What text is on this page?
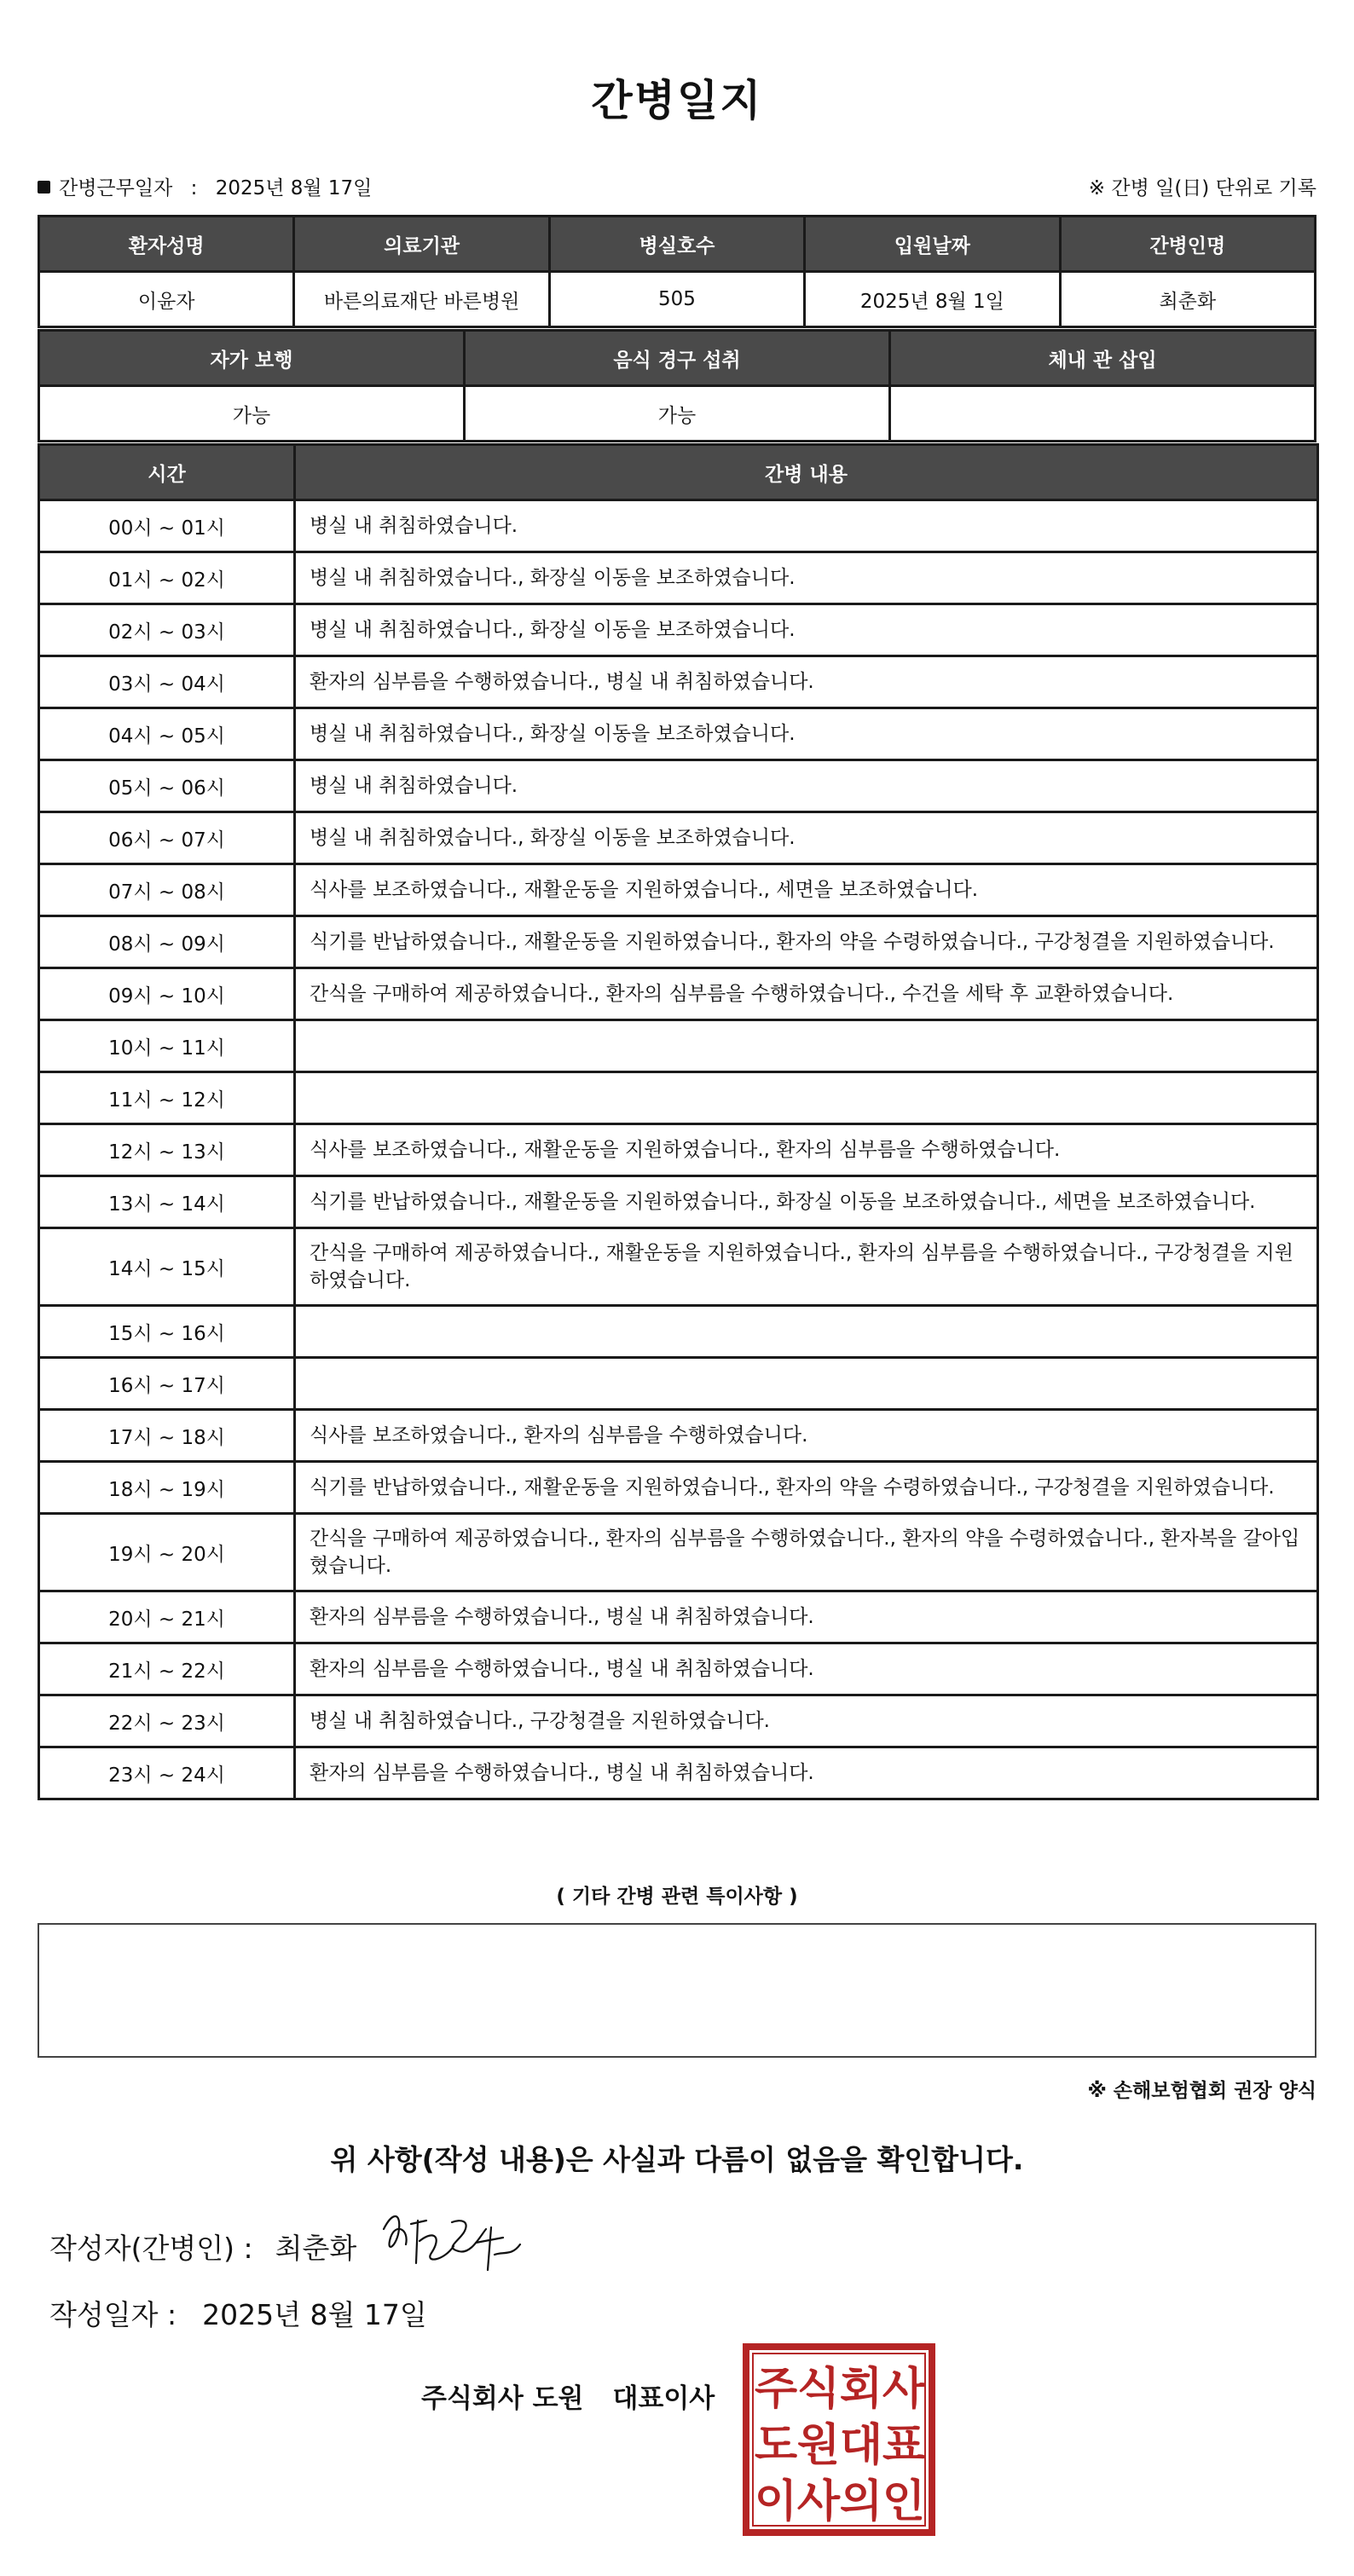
간병일지
간병근무일자 : 2025년 8월 17일	※ 간병 일(日) 단위로 기록
환자성명	의료기관	병실호수	입원날짜	간병인명
이윤자	바른의료재단 바른병원	505	2025년 8월 1일	최춘화
자가 보행	음식 경구 섭취	체내 관 삽입
가능	가능	
시간	간병 내용
00시 ~ 01시	병실 내 취침하였습니다.
01시 ~ 02시	병실 내 취침하였습니다., 화장실 이동을 보조하였습니다.
02시 ~ 03시	병실 내 취침하였습니다., 화장실 이동을 보조하였습니다.
03시 ~ 04시	환자의 심부름을 수행하였습니다., 병실 내 취침하였습니다.
04시 ~ 05시	병실 내 취침하였습니다., 화장실 이동을 보조하였습니다.
05시 ~ 06시	병실 내 취침하였습니다.
06시 ~ 07시	병실 내 취침하였습니다., 화장실 이동을 보조하였습니다.
07시 ~ 08시	식사를 보조하였습니다., 재활운동을 지원하였습니다., 세면을 보조하였습니다.
08시 ~ 09시	식기를 반납하였습니다., 재활운동을 지원하였습니다., 환자의 약을 수령하였습니다., 구강청결을 지원하였습니다.
09시 ~ 10시	간식을 구매하여 제공하였습니다., 환자의 심부름을 수행하였습니다., 수건을 세탁 후 교환하였습니다.
10시 ~ 11시	
11시 ~ 12시	
12시 ~ 13시	식사를 보조하였습니다., 재활운동을 지원하였습니다., 환자의 심부름을 수행하였습니다.
13시 ~ 14시	식기를 반납하였습니다., 재활운동을 지원하였습니다., 화장실 이동을 보조하였습니다., 세면을 보조하였습니다.
14시 ~ 15시	간식을 구매하여 제공하였습니다., 재활운동을 지원하였습니다., 환자의 심부름을 수행하였습니다., 구강청결을 지원하였습니다.
15시 ~ 16시	
16시 ~ 17시	
17시 ~ 18시	식사를 보조하였습니다., 환자의 심부름을 수행하였습니다.
18시 ~ 19시	식기를 반납하였습니다., 재활운동을 지원하였습니다., 환자의 약을 수령하였습니다., 구강청결을 지원하였습니다.
19시 ~ 20시	간식을 구매하여 제공하였습니다., 환자의 심부름을 수행하였습니다., 환자의 약을 수령하였습니다., 환자복을 갈아입혔습니다.
20시 ~ 21시	환자의 심부름을 수행하였습니다., 병실 내 취침하였습니다.
21시 ~ 22시	환자의 심부름을 수행하였습니다., 병실 내 취침하였습니다.
22시 ~ 23시	병실 내 취침하였습니다., 구강청결을 지원하였습니다.
23시 ~ 24시	환자의 심부름을 수행하였습니다., 병실 내 취침하였습니다.
( 기타 간병 관련 특이사항 )
※ 손해보험협회 권장 양식
위 사항(작성 내용)은 사실과 다름이 없음을 확인합니다.
작성자(간병인) : 최춘화
작성일자 : 2025년 8월 17일
주식회사 도원 대표이사 주 식 회 사
도 원 대 표
이 사 의 인
